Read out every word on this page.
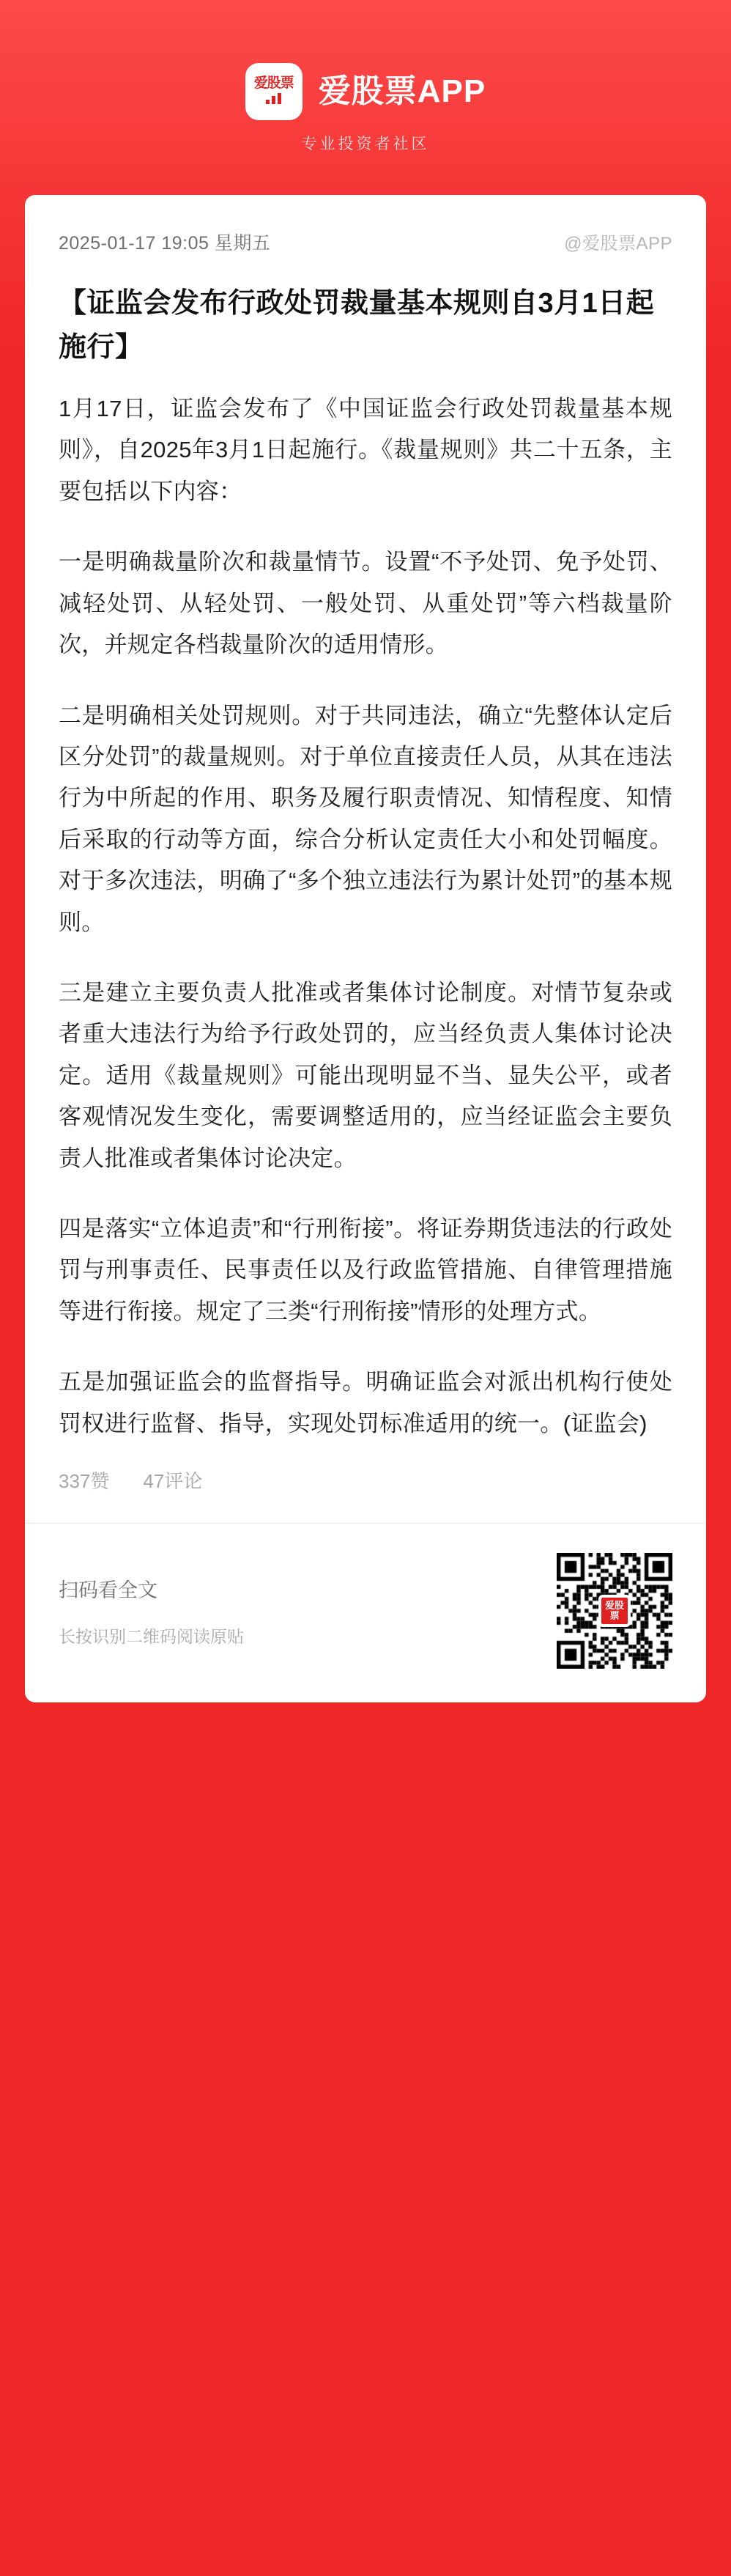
爱股票 爱股票APP
专业投资者社区
2025-01-17 19:05 星期五	@爱股票APP
【证监会发布行政处罚裁量基本规则自3月1日起施行】

1月17日，证监会发布了《中国证监会行政处罚裁量基本规则》，自2025年3月1日起施行。《裁量规则》共二十五条，主要包括以下内容：

一是明确裁量阶次和裁量情节。设置“不予处罚、免予处罚、减轻处罚、从轻处罚、一般处罚、从重处罚”等六档裁量阶次，并规定各档裁量阶次的适用情形。

二是明确相关处罚规则。对于共同违法，确立“先整体认定后区分处罚”的裁量规则。对于单位直接责任人员，从其在违法行为中所起的作用、职务及履行职责情况、知情程度、知情后采取的行动等方面，综合分析认定责任大小和处罚幅度。对于多次违法，明确了“多个独立违法行为累计处罚”的基本规则。

三是建立主要负责人批准或者集体讨论制度。对情节复杂或者重大违法行为给予行政处罚的，应当经负责人集体讨论决定。适用《裁量规则》可能出现明显不当、显失公平，或者客观情况发生变化，需要调整适用的，应当经证监会主要负责人批准或者集体讨论决定。

四是落实“立体追责”和“行刑衔接”。将证券期货违法的行政处罚与刑事责任、民事责任以及行政监管措施、自律管理措施等进行衔接。规定了三类“行刑衔接”情形的处理方式。

五是加强证监会的监督指导。明确证监会对派出机构行使处罚权进行监督、指导，实现处罚标准适用的统一。(证监会)

337赞 47评论
扫码看全文
长按识别二维码阅读原贴
爱股票
